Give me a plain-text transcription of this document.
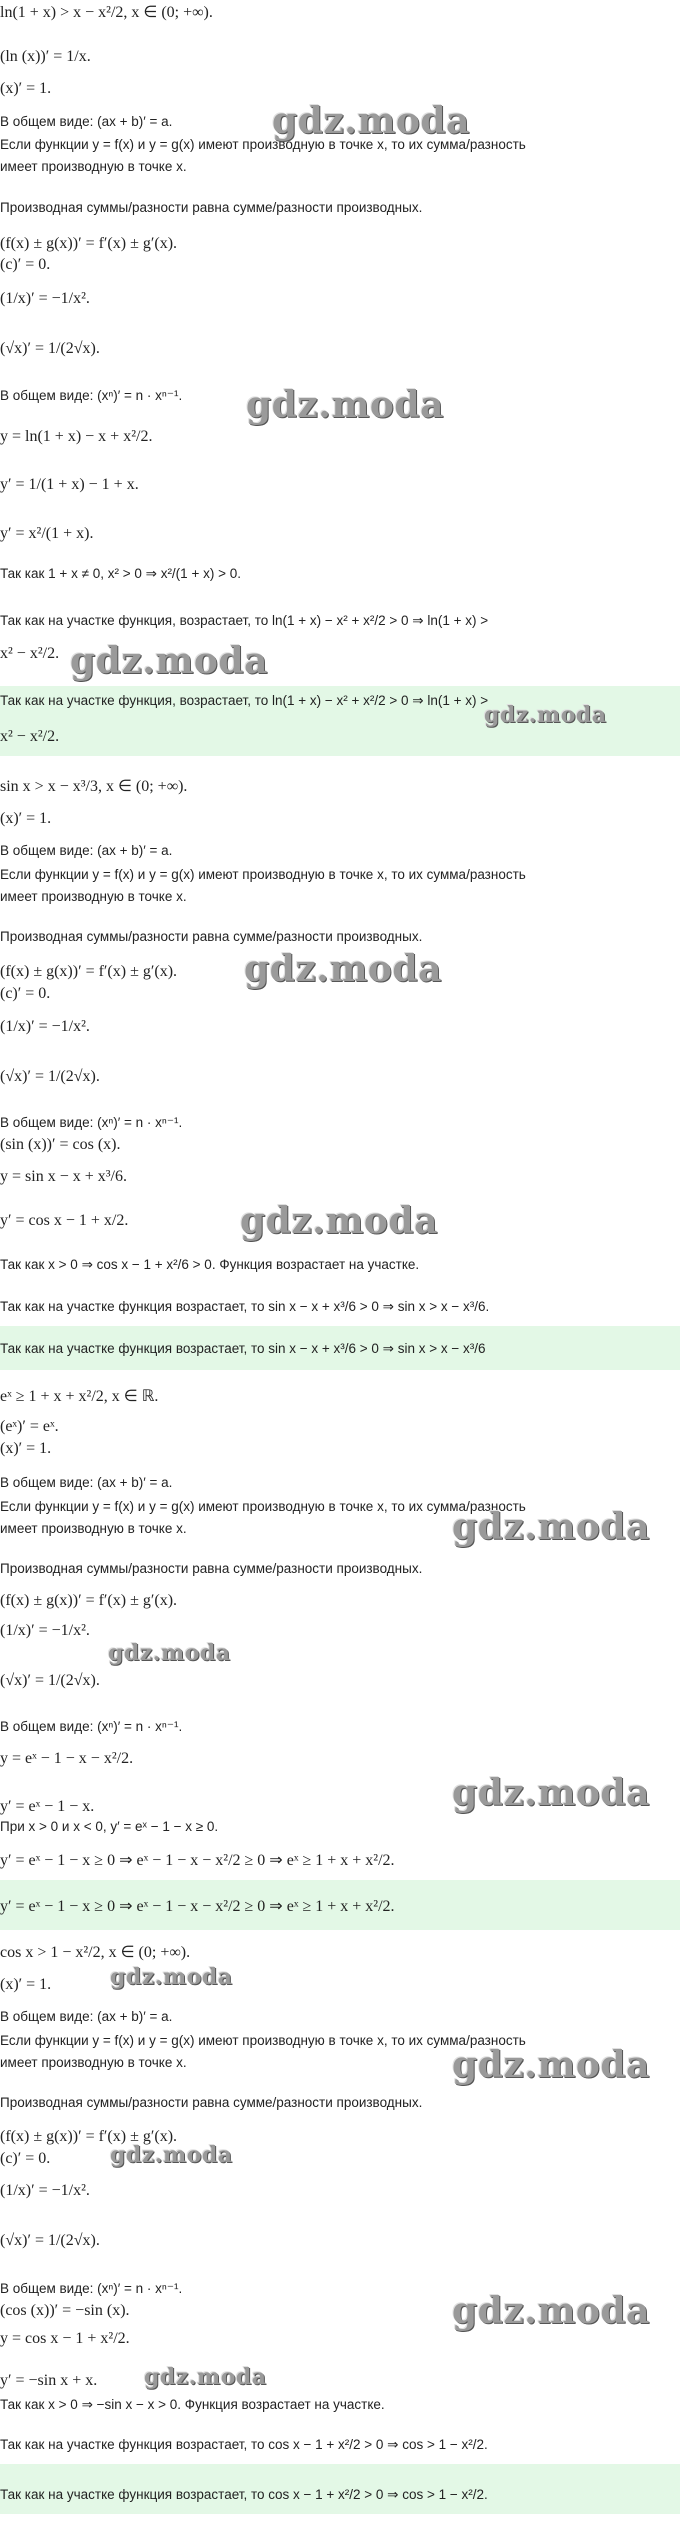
ln(1 + x) > x − x²/2, x ∈ (0; +∞).
(ln (x))′ = 1/x.
(x)′ = 1.
В общем виде: (ax + b)′ = a.
Если функции y = f(x) и y = g(x) имеют производную в точке x, то их сумма/разность
имеет производную в точке x.
Производная суммы/разности равна сумме/разности производных.
(f(x) ± g(x))′ = f′(x) ± g′(x).
(c)′ = 0.
(1/x)′ = −1/x².
(√x)′ = 1/(2√x).
В общем виде: (xⁿ)′ = n · xⁿ⁻¹.
y = ln(1 + x) − x + x²/2.
y′ = 1/(1 + x) − 1 + x.
y′ = x²/(1 + x).
Так как 1 + x ≠ 0, x² > 0 ⇒ x²/(1 + x) > 0.
Так как на участке функция, возрастает, то ln(1 + x) − x² + x²/2 > 0 ⇒ ln(1 + x) >
x² − x²/2.
Так как на участке функция, возрастает, то ln(1 + x) − x² + x²/2 > 0 ⇒ ln(1 + x) >
x² − x²/2.
sin x > x − x³/3, x ∈ (0; +∞).
(x)′ = 1.
В общем виде: (ax + b)′ = a.
Если функции y = f(x) и y = g(x) имеют производную в точке x, то их сумма/разность
имеет производную в точке x.
Производная суммы/разности равна сумме/разности производных.
(f(x) ± g(x))′ = f′(x) ± g′(x).
(c)′ = 0.
(1/x)′ = −1/x².
(√x)′ = 1/(2√x).
В общем виде: (xⁿ)′ = n · xⁿ⁻¹.
(sin (x))′ = cos (x).
y = sin x − x + x³/6.
y′ = cos x − 1 + x/2.
Так как x > 0 ⇒ cos x − 1 + x²/6 > 0. Функция возрастает на участке.
Так как на участке функция возрастает, то sin x − x + x³/6 > 0 ⇒ sin x > x − x³/6.
Так как на участке функция возрастает, то sin x − x + x³/6 > 0 ⇒ sin x > x − x³/6
eˣ ≥ 1 + x + x²/2, x ∈ ℝ.
(eˣ)′ = eˣ.
(x)′ = 1.
В общем виде: (ax + b)′ = a.
Если функции y = f(x) и y = g(x) имеют производную в точке x, то их сумма/разность
имеет производную в точке x.
Производная суммы/разности равна сумме/разности производных.
(f(x) ± g(x))′ = f′(x) ± g′(x).
(1/x)′ = −1/x².
(√x)′ = 1/(2√x).
В общем виде: (xⁿ)′ = n · xⁿ⁻¹.
y = eˣ − 1 − x − x²/2.
y′ = eˣ − 1 − x.
При x > 0 и x < 0, y′ = eˣ − 1 − x ≥ 0.
y′ = eˣ − 1 − x ≥ 0 ⇒ eˣ − 1 − x − x²/2 ≥ 0 ⇒ eˣ ≥ 1 + x + x²/2.
y′ = eˣ − 1 − x ≥ 0 ⇒ eˣ − 1 − x − x²/2 ≥ 0 ⇒ eˣ ≥ 1 + x + x²/2.
cos x > 1 − x²/2, x ∈ (0; +∞).
(x)′ = 1.
В общем виде: (ax + b)′ = a.
Если функции y = f(x) и y = g(x) имеют производную в точке x, то их сумма/разность
имеет производную в точке x.
Производная суммы/разности равна сумме/разности производных.
(f(x) ± g(x))′ = f′(x) ± g′(x).
(c)′ = 0.
(1/x)′ = −1/x².
(√x)′ = 1/(2√x).
В общем виде: (xⁿ)′ = n · xⁿ⁻¹.
(cos (x))′ = −sin (x).
y = cos x − 1 + x²/2.
y′ = −sin x + x.
Так как x > 0 ⇒ −sin x − x > 0. Функция возрастает на участке.
Так как на участке функция возрастает, то cos x − 1 + x²/2 > 0 ⇒ cos > 1 − x²/2.
Так как на участке функция возрастает, то cos x − 1 + x²/2 > 0 ⇒ cos > 1 − x²/2.
gdz.moda
gdz.moda
gdz.moda
gdz.moda
gdz.moda
gdz.moda
gdz.moda
gdz.moda
gdz.moda
gdz.moda
gdz.moda
gdz.moda
gdz.moda
gdz.moda
